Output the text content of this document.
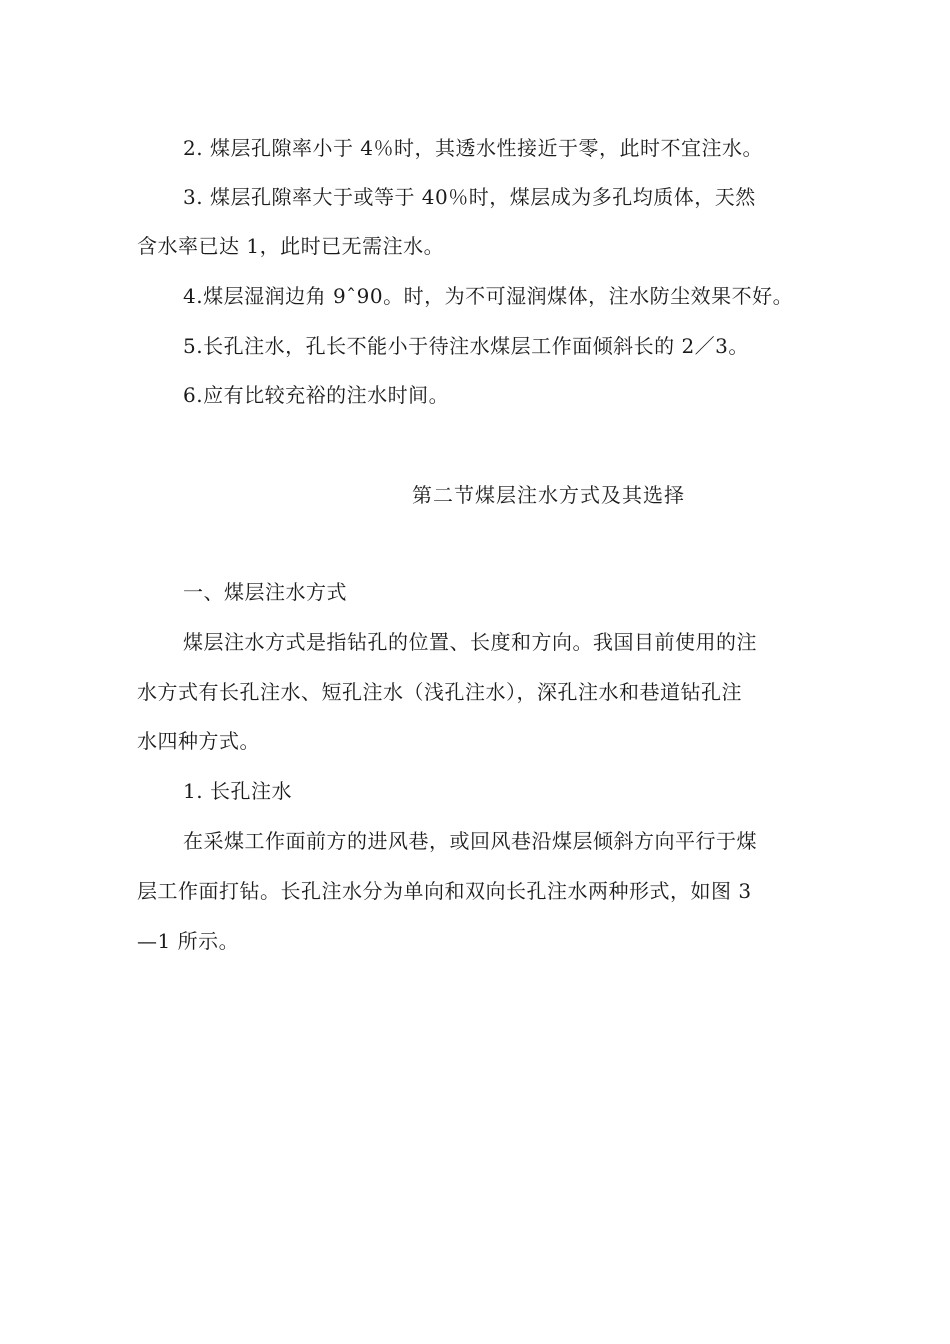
2. 煤层孔隙率小于 4％时，其透水性接近于零，此时不宜注水。
3. 煤层孔隙率大于或等于 40％时，煤层成为多孔均质体，天然
含水率已达 1，此时已无需注水。
4.煤层湿润边角 9ˆ90。时，为不可湿润煤体，注水防尘效果不好。
5.长孔注水，孔长不能小于待注水煤层工作面倾斜长的 2／3。
6.应有比较充裕的注水时间。
第二节煤层注水方式及其选择
一、煤层注水方式
煤层注水方式是指钻孔的位置、长度和方向。我国目前使用的注
水方式有长孔注水、短孔注水（浅孔注水），深孔注水和巷道钻孔注
水四种方式。
1. 长孔注水
在采煤工作面前方的进风巷，或回风巷沿煤层倾斜方向平行于煤
层工作面打钻。长孔注水分为单向和双向长孔注水两种形式，如图 3
—1 所示。
